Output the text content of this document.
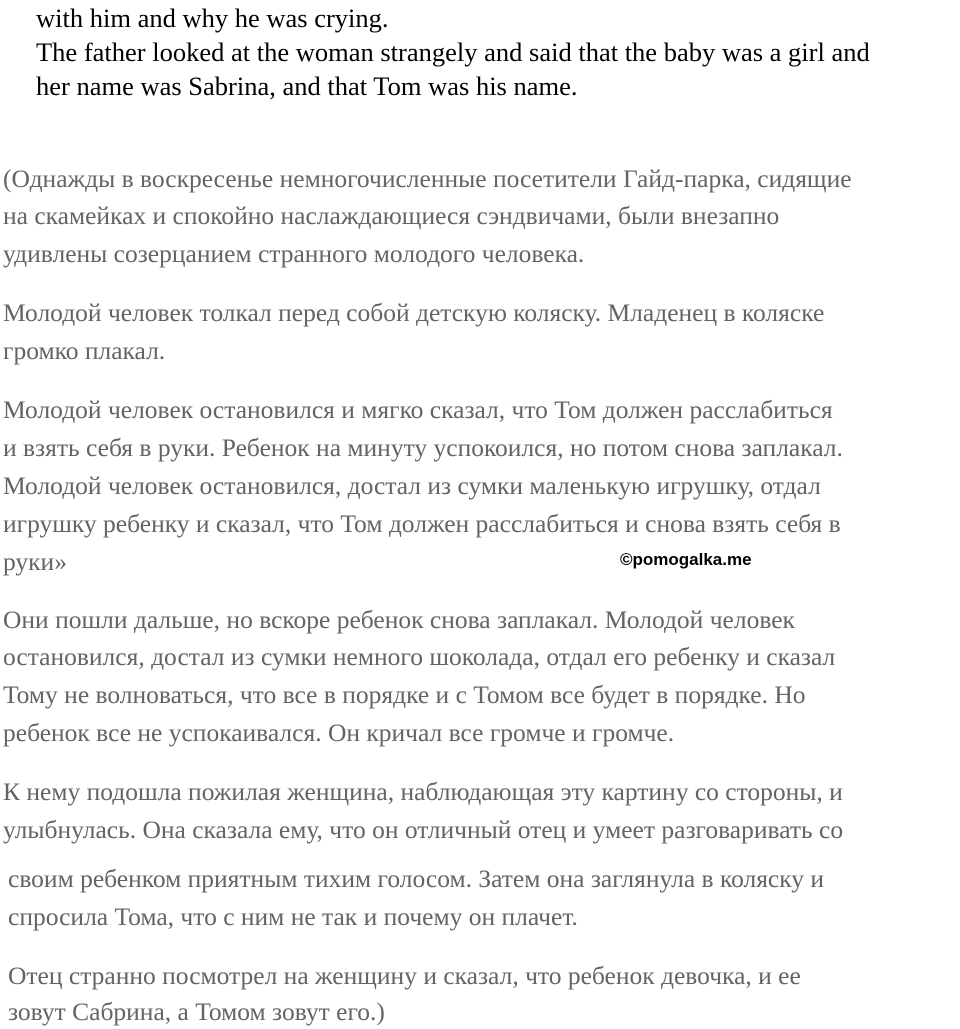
with him and why he was crying.

The father looked at the woman strangely and said that the baby was a girl and

her name was Sabrina, and that Tom was his name.

(Однажды в воскресенье немногочисленные посетители Гайд-парка, сидящие

на скамейках и спокойно наслаждающиеся сэндвичами, были внезапно

удивлены созерцанием странного молодого человека.

Молодой человек толкал перед собой детскую коляску. Младенец в коляске

громко плакал.

Молодой человек остановился и мягко сказал, что Том должен расслабиться

и взять себя в руки. Ребенок на минуту успокоился, но потом снова заплакал.

Молодой человек остановился, достал из сумки маленькую игрушку, отдал

игрушку ребенку и сказал, что Том должен расслабиться и снова взять себя в

руки»	©pomogalka.me

Они пошли дальше, но вскоре ребенок снова заплакал. Молодой человек

остановился, достал из сумки немного шоколада, отдал его ребенку и сказал

Тому не волноваться, что все в порядке и с Томом все будет в порядке. Но

ребенок все не успокаивался. Он кричал все громче и громче.

К нему подошла пожилая женщина, наблюдающая эту картину со стороны, и

улыбнулась. Она сказала ему, что он отличный отец и умеет разговаривать со

своим ребенком приятным тихим голосом. Затем она заглянула в коляску и

спросила Тома, что с ним не так и почему он плачет.

Отец странно посмотрел на женщину и сказал, что ребенок девочка, и ее

зовут Сабрина, а Томом зовут его.)
